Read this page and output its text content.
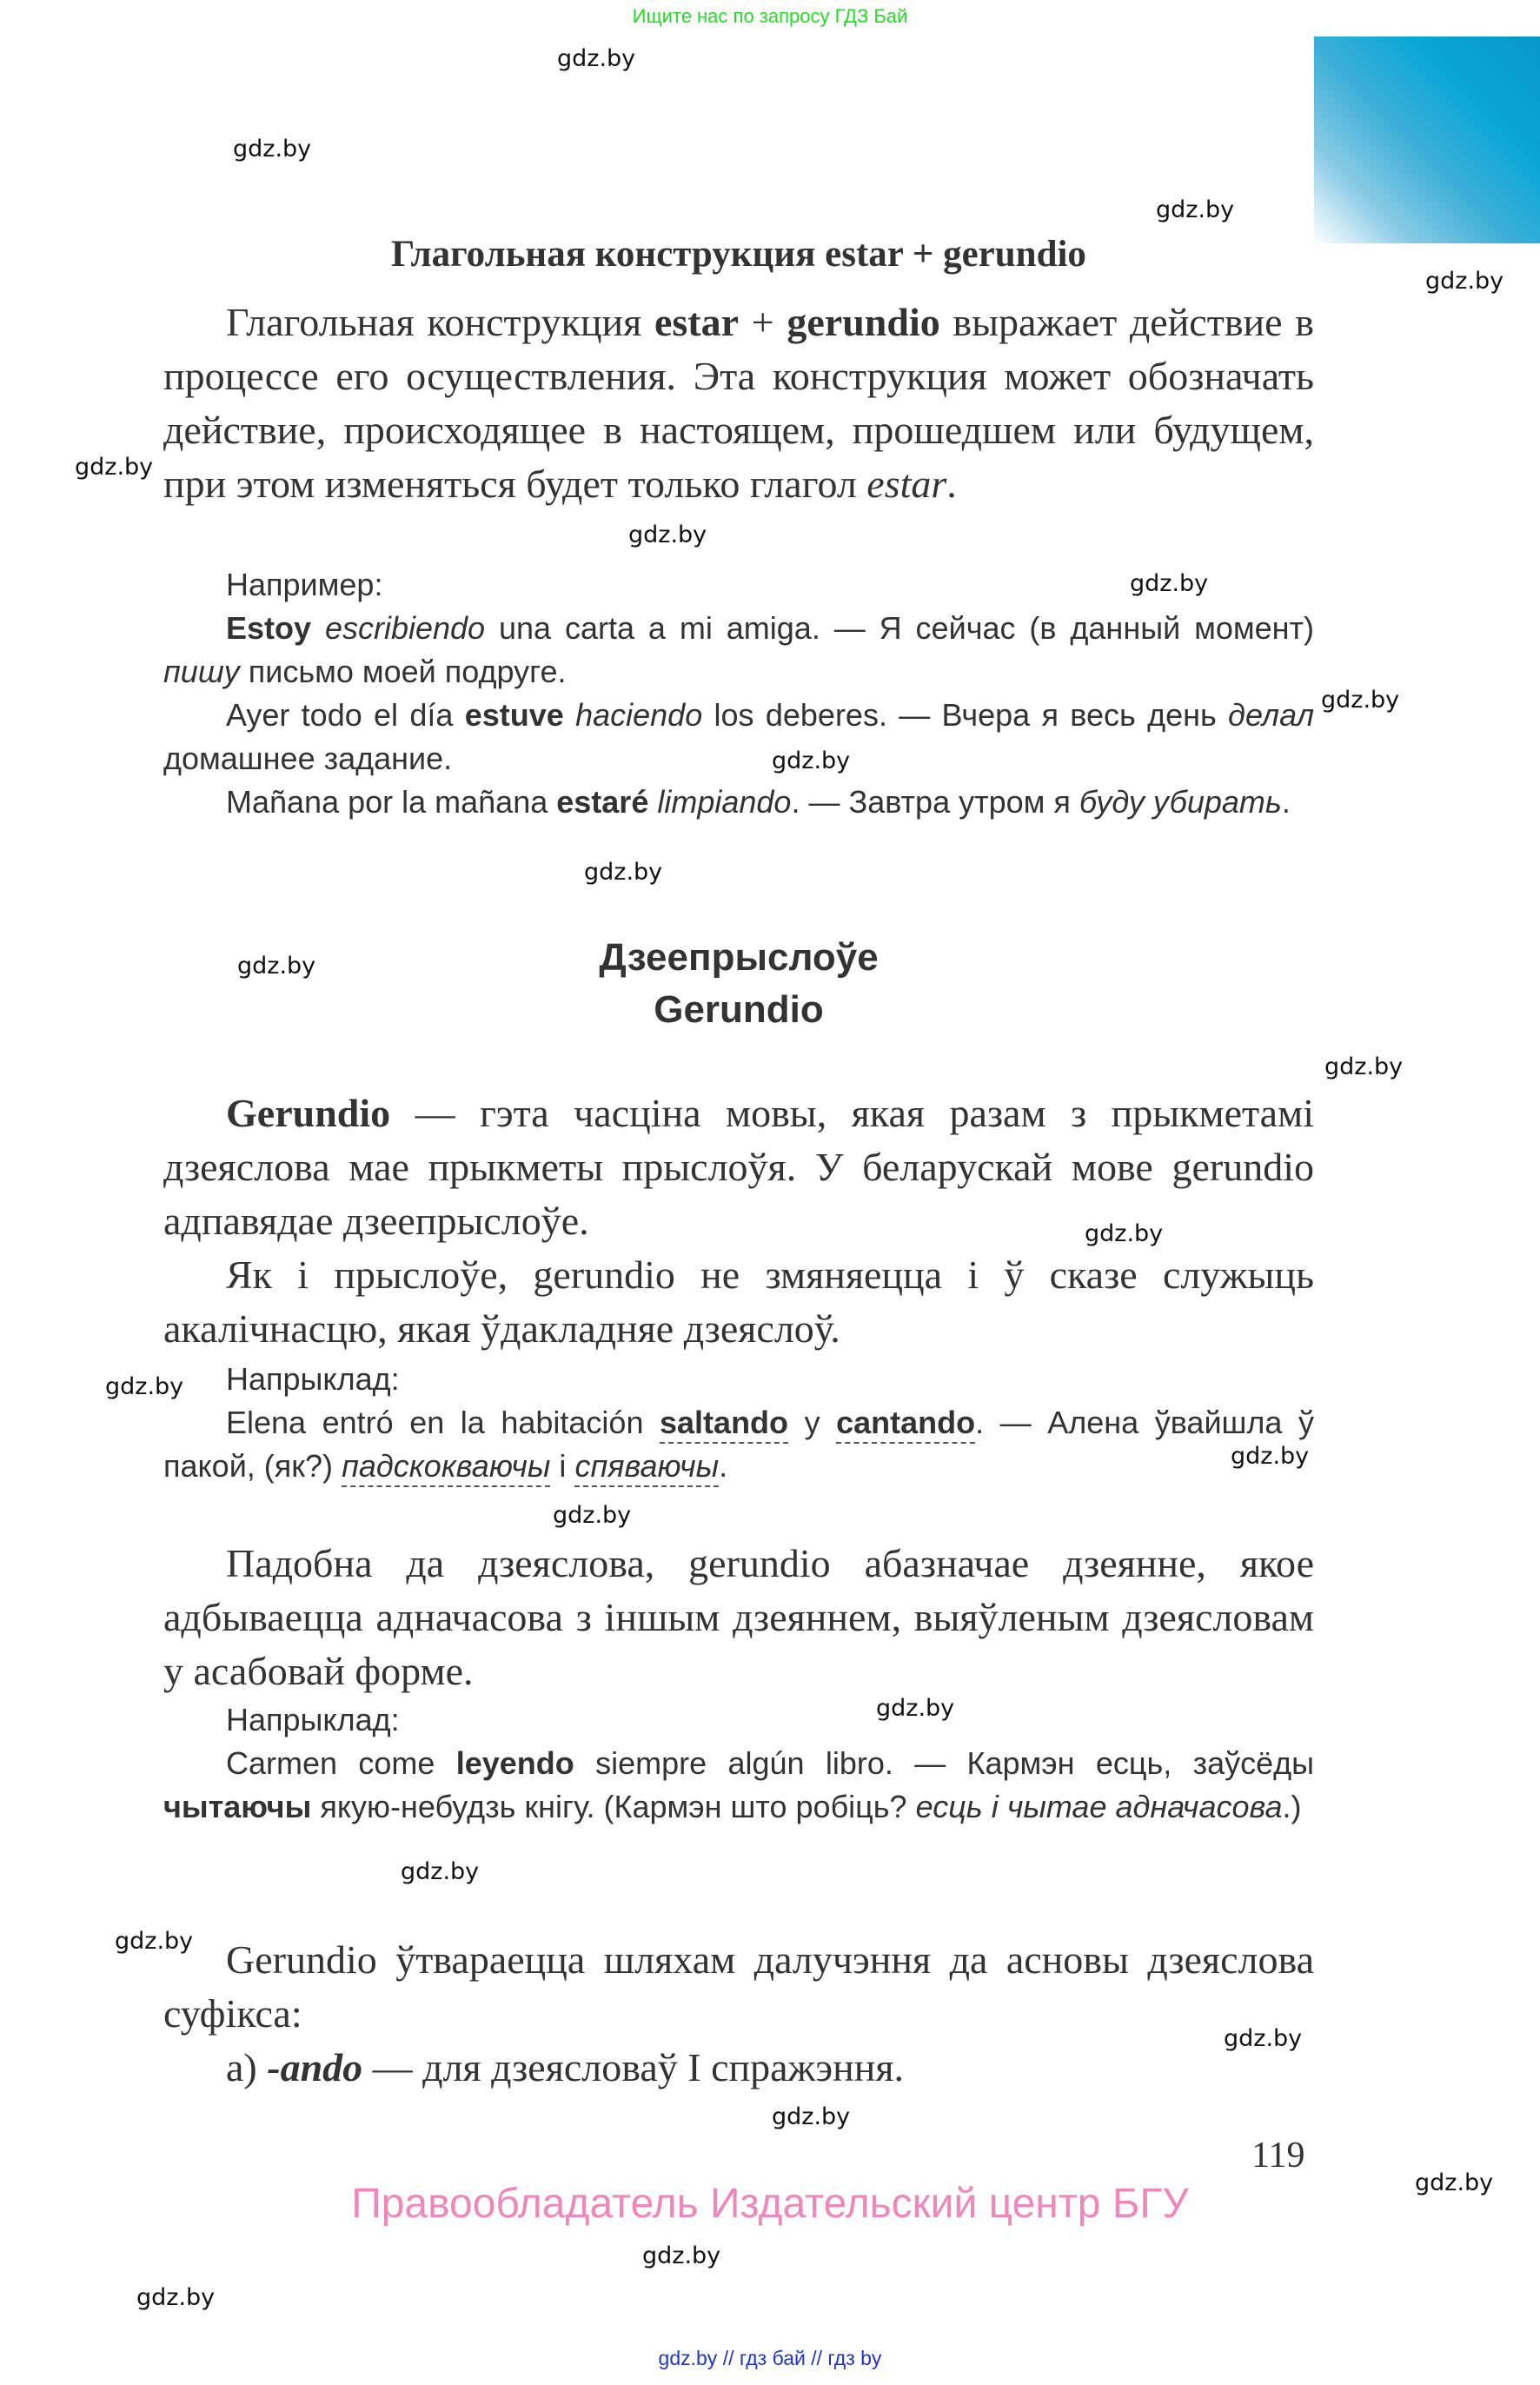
Ищите нас по запросу ГДЗ Бай
gdz.by
gdz.by
gdz.by
gdz.by
gdz.by
gdz.by
gdz.by
gdz.by
gdz.by
gdz.by
gdz.by
gdz.by
gdz.by
gdz.by
gdz.by
gdz.by
gdz.by
gdz.by
gdz.by
gdz.by
gdz.by
gdz.by
gdz.by
gdz.by
Глагольная конструкция estar + gerundio

Глагольная конструкция estar + gerundio выражает действие в процессе его осуществления. Эта конструкция может обозначать действие, происходящее в настоящем, прошедшем или будущем, при этом изменяться будет только глагол estar.

Например:

Estoy escribiendo una carta a mi amiga. — Я сейчас (в данный момент) пишу письмо моей подруге.

Ayer todo el día estuve haciendo los deberes. — Вчера я весь день делал домашнее задание.

Mañana por la mañana estaré limpiando. — Завтра утром я буду убирать.

Дзеепрыслоўе
Gerundio

Gerundio — гэта часціна мовы, якая разам з прыкметамі дзеяслова мае прыкметы прыслоўя. У беларускай мове gerundio адпавядае дзеепрыслоўе.

Як і прыслоўе, gerundio не змяняецца і ў сказе служыць акалічнасцю, якая ўдакладняе дзеяслоў.

Напрыклад:

Elena entró en la habitación saltando y cantando. — Алена ўвайшла ў пакой, (як?) падскокваючы і спяваючы.

Падобна да дзеяслова, gerundio абазначае дзеянне, якое адбываецца адначасова з іншым дзеяннем, выяўленым дзеясловам у асабовай форме.

Напрыклад:

Carmen come leyendo siempre algún libro. — Кармэн есць, заўсёды чытаючы якую-небудзь кнігу. (Кармэн што робіць? есць і чытае адначасова.)

Gerundio ўтвараецца шляхам далучэння да асновы дзеяслова суфікса:

а) -ando — для дзеясловаў I спражэння.

119
Правообладатель Издательский центр БГУ
gdz.by // гдз бай // гдз by
